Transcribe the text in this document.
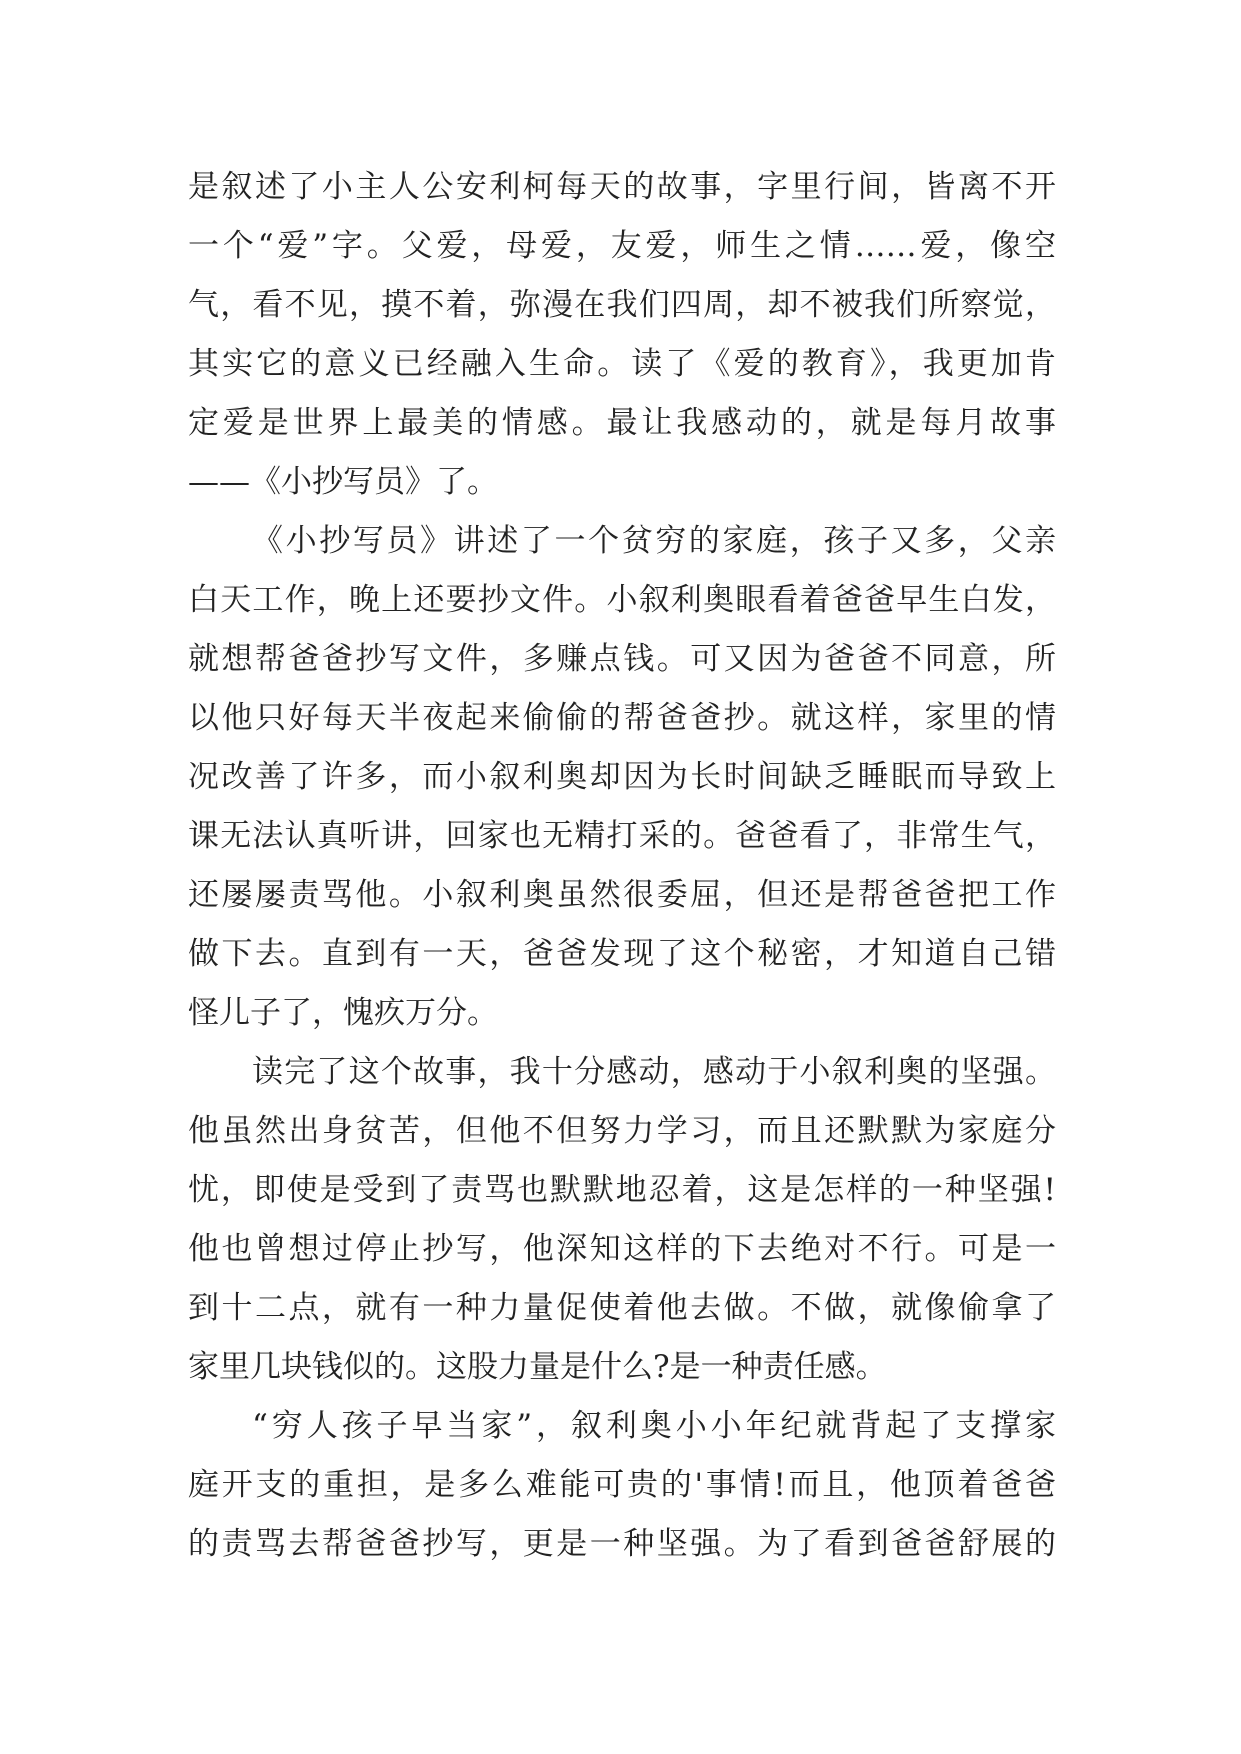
是叙述了小主人公安利柯每天的故事，字里行间，皆离不开
一个“爱”字。父爱，母爱，友爱，师生之情……爱，像空
气，看不见，摸不着，弥漫在我们四周，却不被我们所察觉，
其实它的意义已经融入生命。读了《爱的教育》，我更加肯
定爱是世界上最美的情感。最让我感动的，就是每月故事
——《小抄写员》了。
《小抄写员》讲述了一个贫穷的家庭，孩子又多，父亲
白天工作，晚上还要抄文件。小叙利奥眼看着爸爸早生白发，
就想帮爸爸抄写文件，多赚点钱。可又因为爸爸不同意，所
以他只好每天半夜起来偷偷的帮爸爸抄。就这样，家里的情
况改善了许多，而小叙利奥却因为长时间缺乏睡眠而导致上
课无法认真听讲，回家也无精打采的。爸爸看了，非常生气，
还屡屡责骂他。小叙利奥虽然很委屈，但还是帮爸爸把工作
做下去。直到有一天，爸爸发现了这个秘密，才知道自己错
怪儿子了，愧疚万分。
读完了这个故事，我十分感动，感动于小叙利奥的坚强。
他虽然出身贫苦，但他不但努力学习，而且还默默为家庭分
忧，即使是受到了责骂也默默地忍着，这是怎样的一种坚强!
他也曾想过停止抄写，他深知这样的下去绝对不行。可是一
到十二点，就有一种力量促使着他去做。不做，就像偷拿了
家里几块钱似的。这股力量是什么?是一种责任感。
“穷人孩子早当家”，叙利奥小小年纪就背起了支撑家
庭开支的重担，是多么难能可贵的'事情!而且，他顶着爸爸
的责骂去帮爸爸抄写，更是一种坚强。为了看到爸爸舒展的
